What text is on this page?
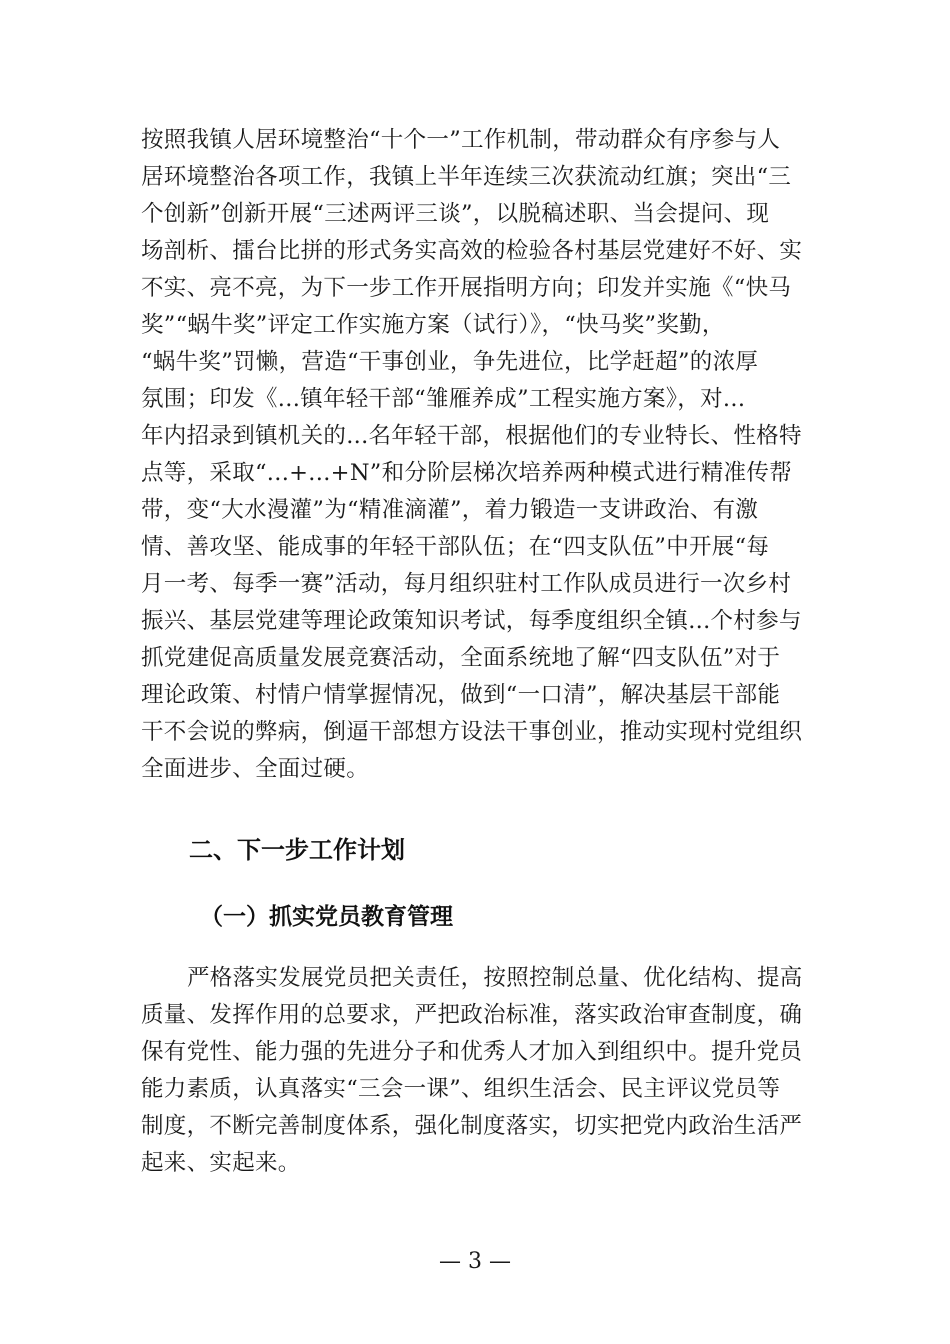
按照我镇人居环境整治“十个一”工作机制，带动群众有序参与人
居环境整治各项工作，我镇上半年连续三次获流动红旗；突出“三
个创新”创新开展“三述两评三谈”，以脱稿述职、当会提问、现
场剖析、擂台比拼的形式务实高效的检验各村基层党建好不好、实
不实、亮不亮，为下一步工作开展指明方向；印发并实施《“快马
奖”“蜗牛奖”评定工作实施方案（试行）》，“快马奖”奖勤，
“蜗牛奖”罚懒，营造“干事创业，争先进位，比学赶超”的浓厚
氛围；印发《...镇年轻干部“雏雁养成”工程实施方案》，对...
年内招录到镇机关的...名年轻干部，根据他们的专业特长、性格特
点等，采取“...+...+N”和分阶层梯次培养两种模式进行精准传帮
带，变“大水漫灌”为“精准滴灌”，着力锻造一支讲政治、有激
情、善攻坚、能成事的年轻干部队伍；在“四支队伍”中开展“每
月一考、每季一赛”活动，每月组织驻村工作队成员进行一次乡村
振兴、基层党建等理论政策知识考试，每季度组织全镇...个村参与
抓党建促高质量发展竞赛活动，全面系统地了解“四支队伍”对于
理论政策、村情户情掌握情况，做到“一口清”，解决基层干部能
干不会说的弊病，倒逼干部想方设法干事创业，推动实现村党组织
全面进步、全面过硬。
二、下一步工作计划
（一）抓实党员教育管理
严格落实发展党员把关责任，按照控制总量、优化结构、提高
质量、发挥作用的总要求，严把政治标准，落实政治审查制度，确
保有党性、能力强的先进分子和优秀人才加入到组织中。提升党员
能力素质，认真落实“三会一课”、组织生活会、民主评议党员等
制度，不断完善制度体系，强化制度落实，切实把党内政治生活严
起来、实起来。
— 3 —
